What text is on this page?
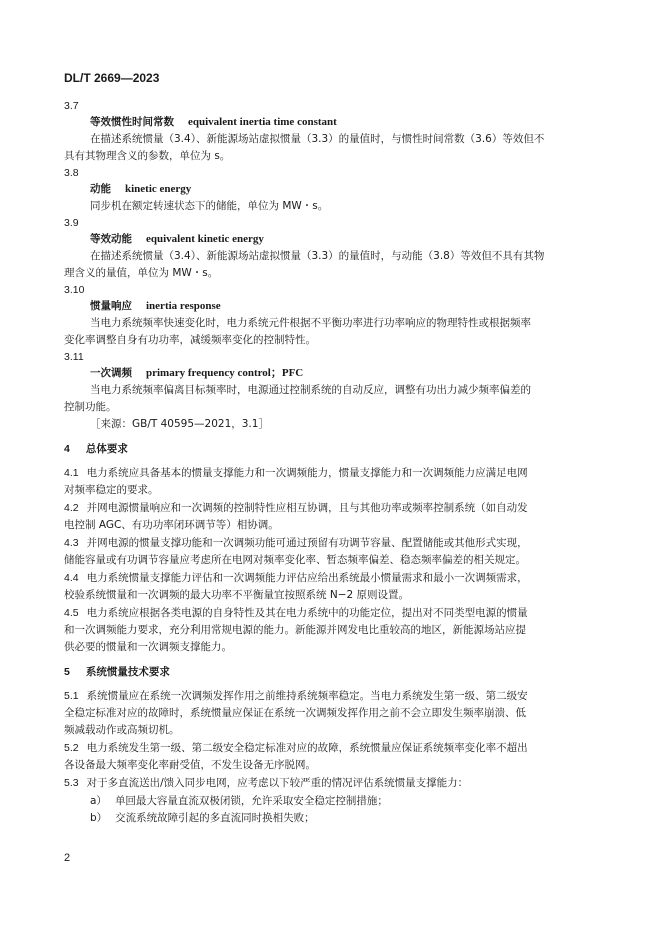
DL/T 2669—2023
3.7
等效惯性时间常数 equivalent inertia time constant
在描述系统惯量（3.4）、新能源场站虚拟惯量（3.3）的量值时，与惯性时间常数（3.6）等效但不
具有其物理含义的参数，单位为 s。
3.8
动能 kinetic energy
同步机在额定转速状态下的储能，单位为 MW・s。
3.9
等效动能 equivalent kinetic energy
在描述系统惯量（3.4）、新能源场站虚拟惯量（3.3）的量值时，与动能（3.8）等效但不具有其物
理含义的量值，单位为 MW・s。
3.10
惯量响应 inertia response
当电力系统频率快速变化时，电力系统元件根据不平衡功率进行功率响应的物理特性或根据频率
变化率调整自身有功功率，减缓频率变化的控制特性。
3.11
一次调频 primary frequency control；PFC
当电力系统频率偏离目标频率时，电源通过控制系统的自动反应，调整有功出力减少频率偏差的
控制功能。
［来源：GB/T 40595—2021，3.1］
4 总体要求
4.1 电力系统应具备基本的惯量支撑能力和一次调频能力，惯量支撑能力和一次调频能力应满足电网
对频率稳定的要求。
4.2 并网电源惯量响应和一次调频的控制特性应相互协调，且与其他功率或频率控制系统（如自动发
电控制 AGC、有功功率闭环调节等）相协调。
4.3 并网电源的惯量支撑功能和一次调频功能可通过预留有功调节容量、配置储能或其他形式实现，
储能容量或有功调节容量应考虑所在电网对频率变化率、暂态频率偏差、稳态频率偏差的相关规定。
4.4 电力系统惯量支撑能力评估和一次调频能力评估应给出系统最小惯量需求和最小一次调频需求，
校验系统惯量和一次调频的最大功率不平衡量宜按照系统 N−2 原则设置。
4.5 电力系统应根据各类电源的自身特性及其在电力系统中的功能定位，提出对不同类型电源的惯量
和一次调频能力要求，充分利用常规电源的能力。新能源并网发电比重较高的地区，新能源场站应提
供必要的惯量和一次调频支撑能力。
5 系统惯量技术要求
5.1 系统惯量应在系统一次调频发挥作用之前维持系统频率稳定。当电力系统发生第一级、第二级安
全稳定标准对应的故障时，系统惯量应保证在系统一次调频发挥作用之前不会立即发生频率崩溃、低
频减载动作或高频切机。
5.2 电力系统发生第一级、第二级安全稳定标准对应的故障，系统惯量应保证系统频率变化率不超出
各设备最大频率变化率耐受值，不发生设备无序脱网。
5.3 对于多直流送出/馈入同步电网，应考虑以下较严重的情况评估系统惯量支撑能力：
a） 单回最大容量直流双极闭锁，允许采取安全稳定控制措施；
b） 交流系统故障引起的多直流同时换相失败；
2
